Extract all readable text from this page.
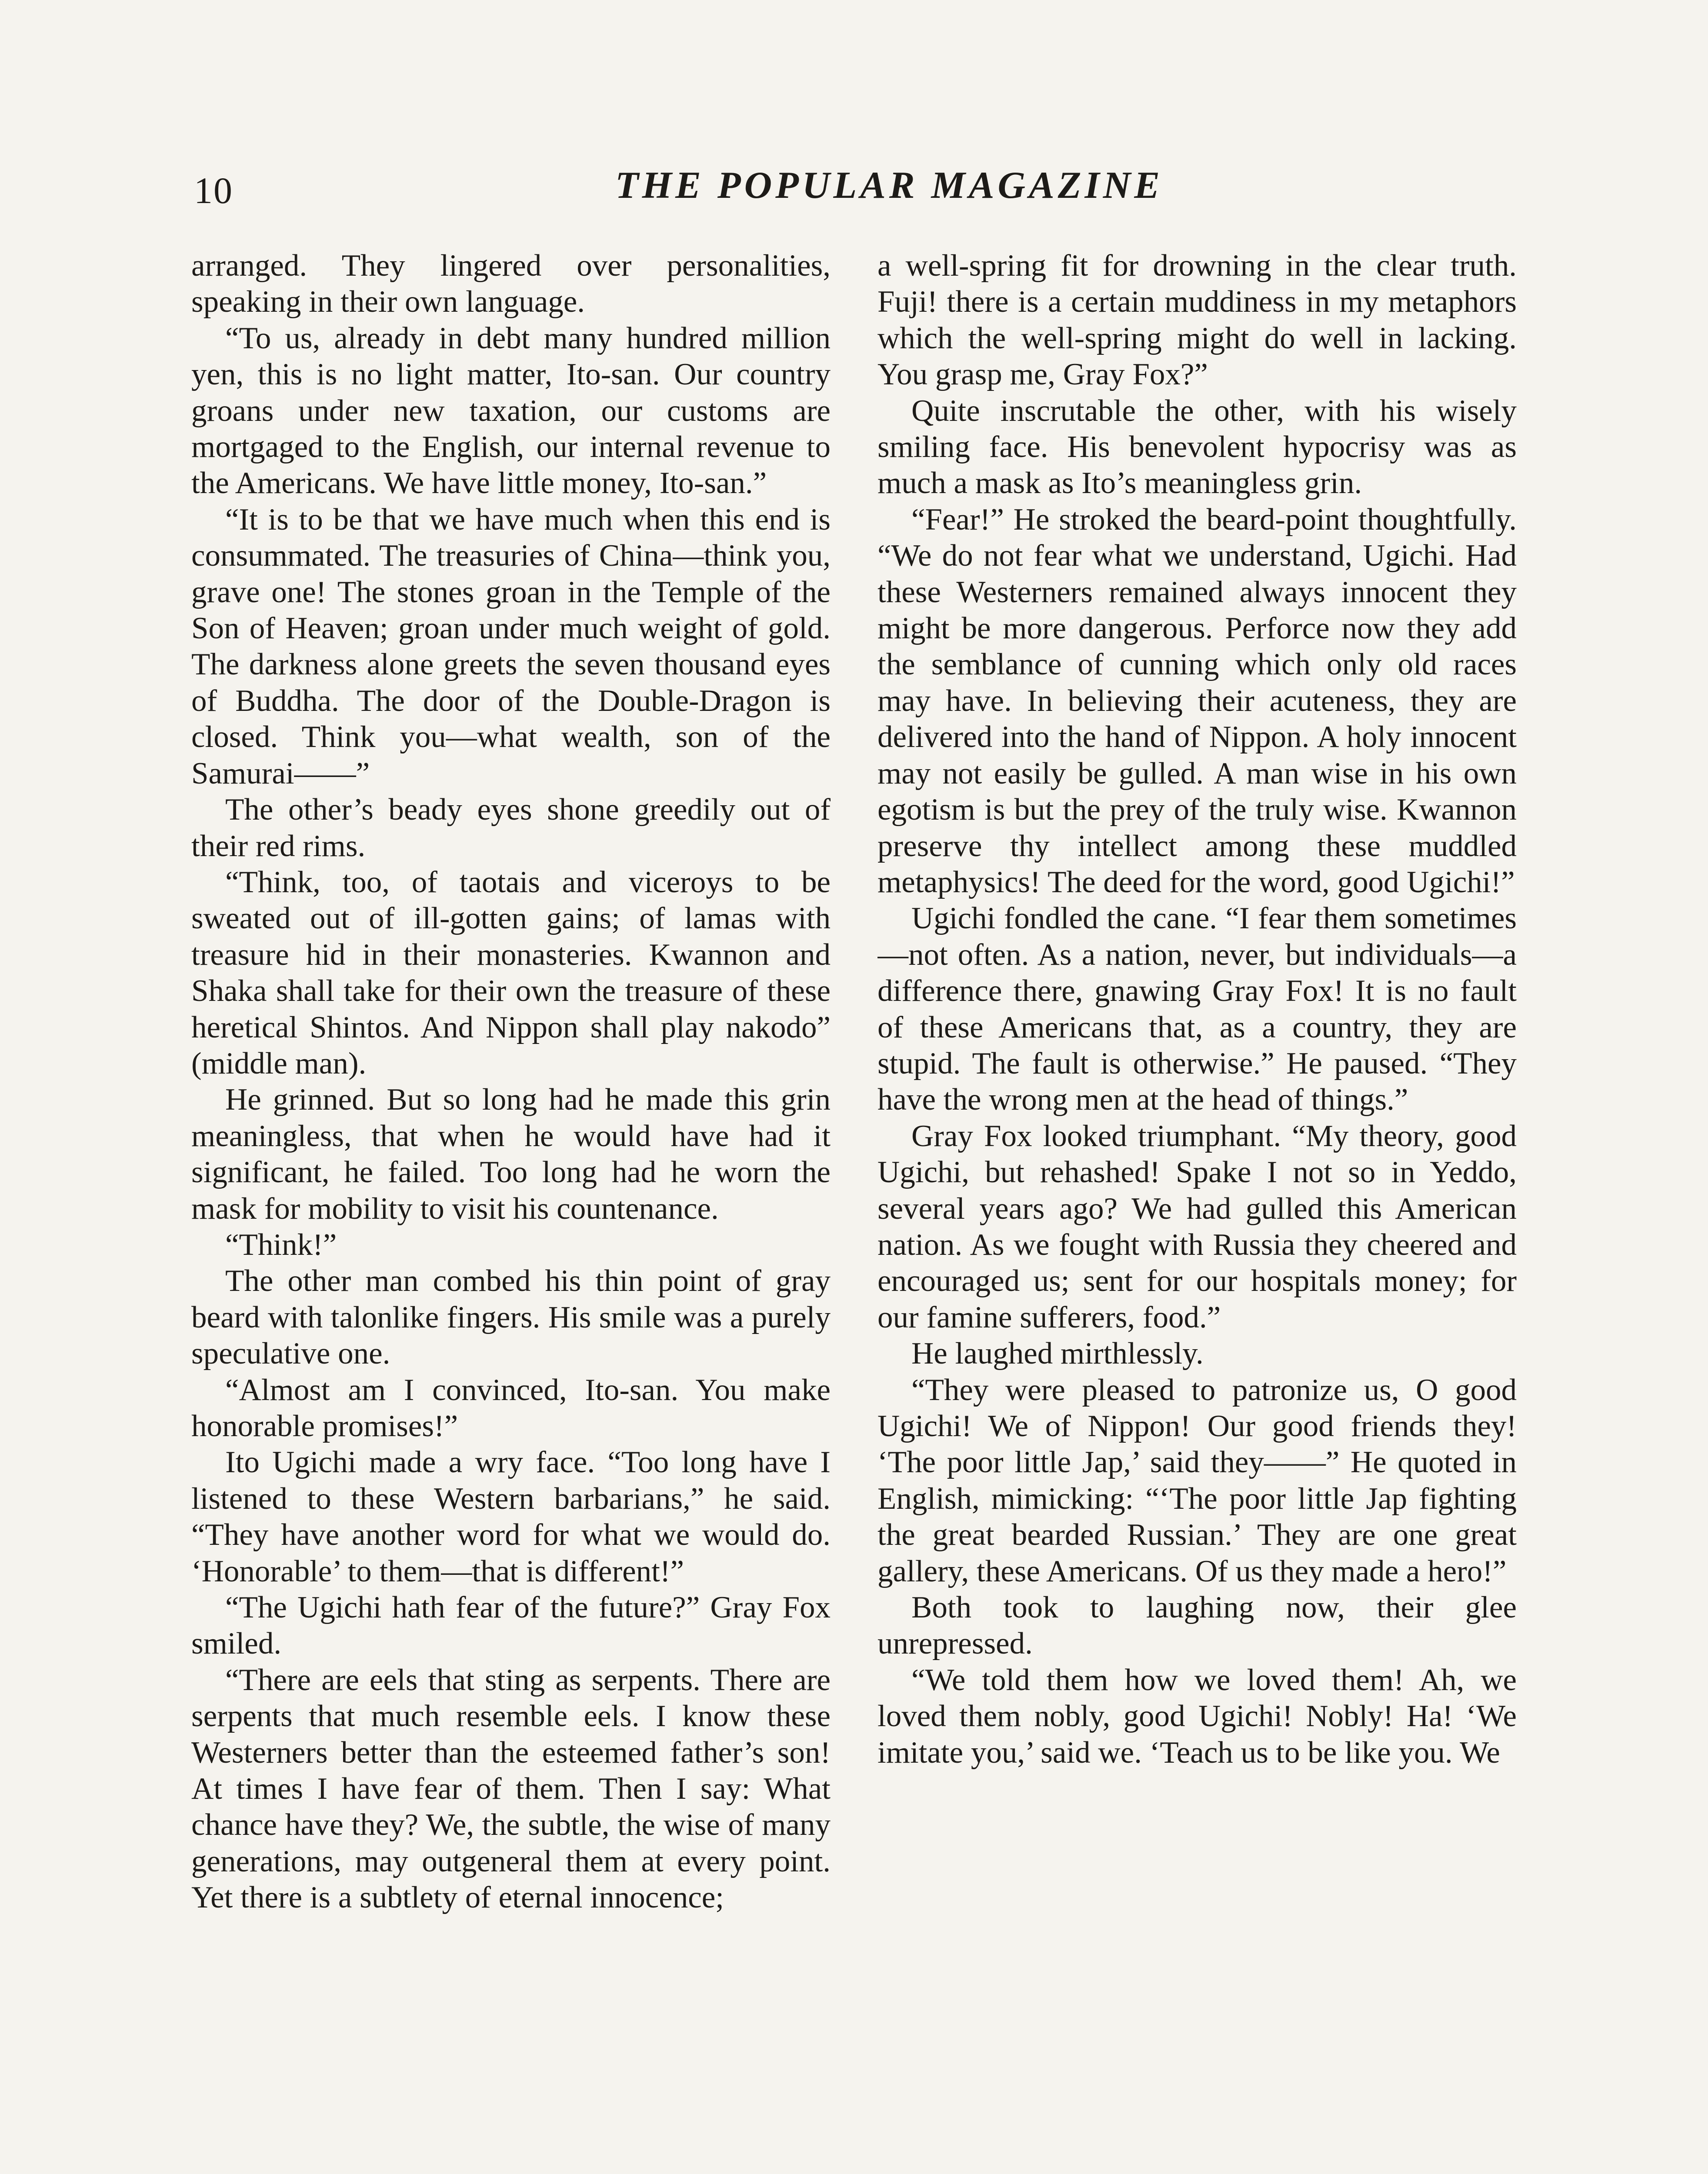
10	THE POPULAR MAGAZINE

arranged. They lingered over personalities, speaking in their own language.

“To us, already in debt many hundred million yen, this is no light matter, Ito-san. Our country groans under new taxation, our customs are mortgaged to the English, our internal revenue to the Americans. We have little money, Ito-san.”

“It is to be that we have much when this end is consummated. The treasuries of China—think you, grave one! The stones groan in the Temple of the Son of Heaven; groan under much weight of gold. The darkness alone greets the seven thousand eyes of Buddha. The door of the Double-Dragon is closed. Think you—what wealth, son of the Samurai——”

The other’s beady eyes shone greedily out of their red rims.

“Think, too, of taotais and viceroys to be sweated out of ill-gotten gains; of lamas with treasure hid in their monasteries. Kwannon and Shaka shall take for their own the treasure of these heretical Shintos. And Nippon shall play nakodo” (middle man).

He grinned. But so long had he made this grin meaningless, that when he would have had it significant, he failed. Too long had he worn the mask for mobility to visit his countenance.

“Think!”

The other man combed his thin point of gray beard with talonlike fingers. His smile was a purely speculative one.

“Almost am I convinced, Ito-san. You make honorable promises!”

Ito Ugichi made a wry face. “Too long have I listened to these Western barbarians,” he said. “They have another word for what we would do. ‘Honorable’ to them—that is different!”

“The Ugichi hath fear of the future?” Gray Fox smiled.

“There are eels that sting as serpents. There are serpents that much resemble eels. I know these Westerners better than the esteemed father’s son! At times I have fear of them. Then I say: What chance have they? We, the subtle, the wise of many generations, may outgeneral them at every point. Yet there is a subtlety of eternal innocence;

a well-spring fit for drowning in the clear truth. Fuji! there is a certain muddiness in my metaphors which the well-spring might do well in lacking. You grasp me, Gray Fox?”

Quite inscrutable the other, with his wisely smiling face. His benevolent hypocrisy was as much a mask as Ito’s meaningless grin.

“Fear!” He stroked the beard-point thoughtfully. “We do not fear what we understand, Ugichi. Had these Westerners remained always innocent they might be more dangerous. Perforce now they add the semblance of cunning which only old races may have. In believing their acuteness, they are delivered into the hand of Nippon. A holy innocent may not easily be gulled. A man wise in his own egotism is but the prey of the truly wise. Kwannon preserve thy intellect among these muddled metaphysics! The deed for the word, good Ugichi!”

Ugichi fondled the cane. “I fear them sometimes—not often. As a nation, never, but individuals—a difference there, gnawing Gray Fox! It is no fault of these Americans that, as a country, they are stupid. The fault is otherwise.” He paused. “They have the wrong men at the head of things.”

Gray Fox looked triumphant. “My theory, good Ugichi, but rehashed! Spake I not so in Yeddo, several years ago? We had gulled this American nation. As we fought with Russia they cheered and encouraged us; sent for our hospitals money; for our famine sufferers, food.”

He laughed mirthlessly.

“They were pleased to patronize us, O good Ugichi! We of Nippon! Our good friends they! ‘The poor little Jap,’ said they——” He quoted in English, mimicking: “‘The poor little Jap fighting the great bearded Russian.’ They are one great gallery, these Americans. Of us they made a hero!”

Both took to laughing now, their glee unrepressed.

“We told them how we loved them! Ah, we loved them nobly, good Ugichi! Nobly! Ha! ‘We imitate you,’ said we. ‘Teach us to be like you. We
